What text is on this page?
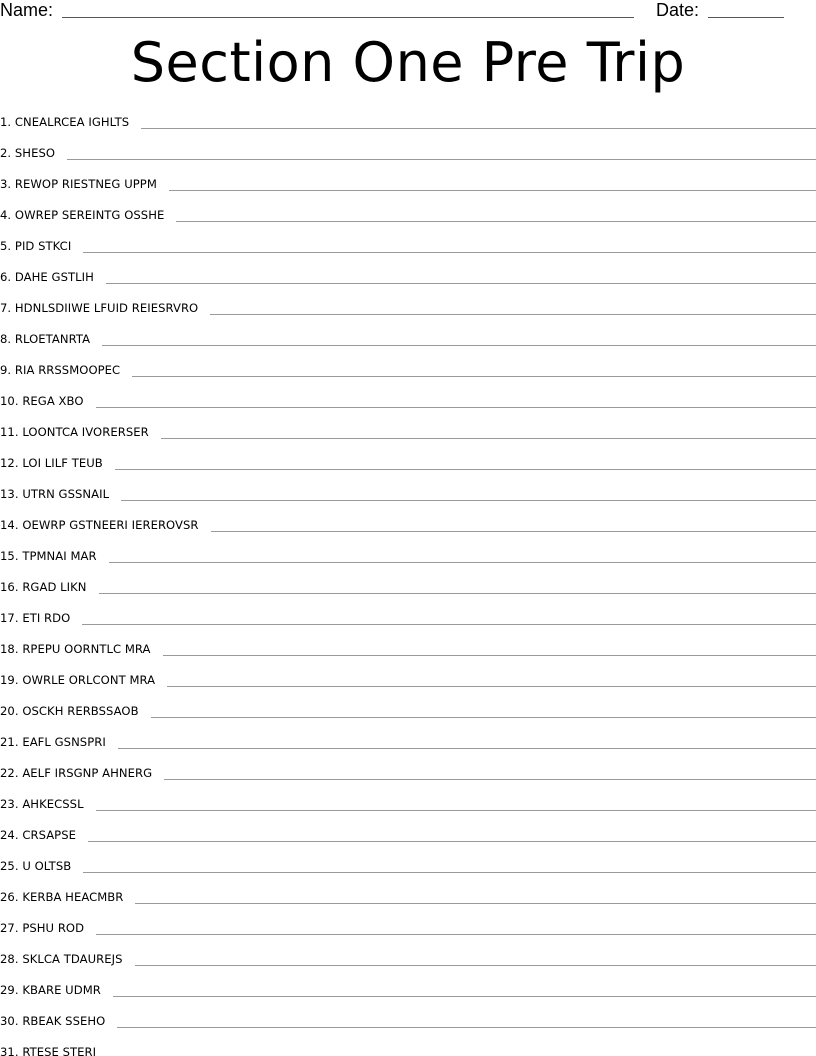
Name:	Date:
Section One Pre Trip
1. CNEALRCEA IGHLTS
2. SHESO
3. REWOP RIESTNEG UPPM
4. OWREP SEREINTG OSSHE
5. PID STKCI
6. DAHE GSTLIH
7. HDNLSDIIWE LFUID REIESRVRO
8. RLOETANRTA
9. RIA RRSSMOOPEC
10. REGA XBO
11. LOONTCA IVORERSER
12. LOI LILF TEUB
13. UTRN GSSNAIL
14. OEWRP GSTNEERI IEREROVSR
15. TPMNAI MAR
16. RGAD LIKN
17. ETI RDO
18. RPEPU OORNTLC MRA
19. OWRLE ORLCONT MRA
20. OSCKH RERBSSAOB
21. EAFL GSNSPRI
22. AELF IRSGNP AHNERG
23. AHKECSSL
24. CRSAPSE
25. U OLTSB
26. KERBA HEACMBR
27. PSHU ROD
28. SKLCA TDAUREJS
29. KBARE UDMR
30. RBEAK SSEHO
31. RTESE STERI
